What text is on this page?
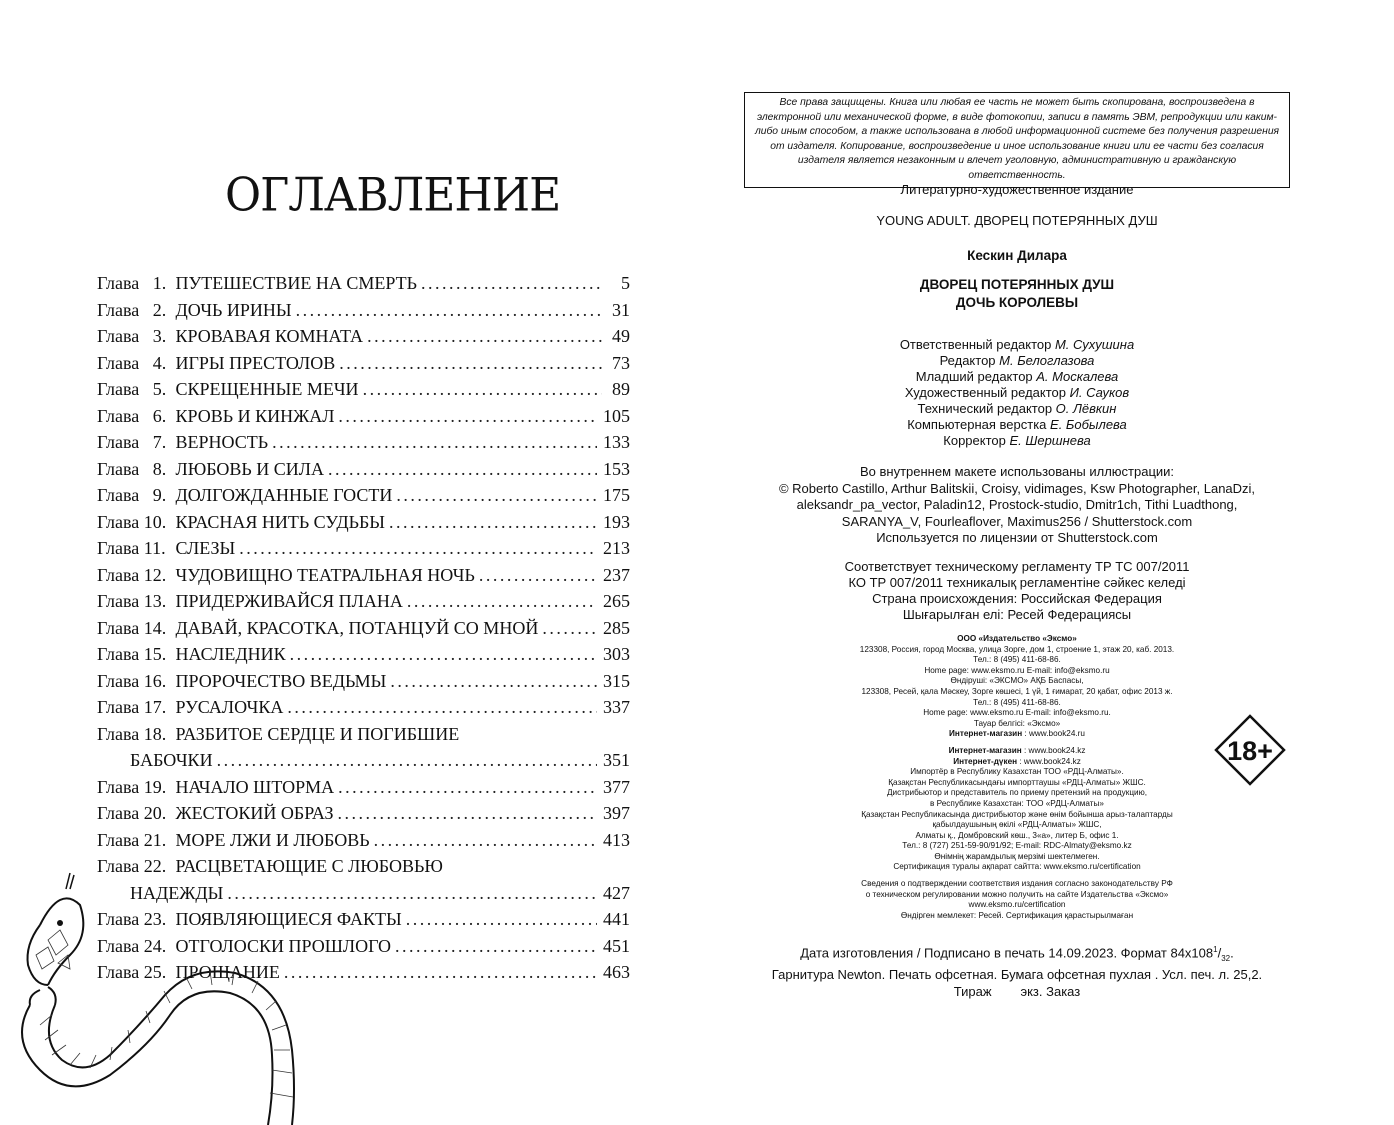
ОГЛАВЛЕНИЕ
Глава  1. ПУТЕШЕСТВИЕ НА СМЕРТЬ . . .	5
Глава  2. ДОЧЬ ИРИНЫ . . .	31
Глава  3. КРОВАВАЯ КОМНАТА . . .	49
Глава  4. ИГРЫ ПРЕСТОЛОВ . . .	73
Глава  5. СКРЕЩЕННЫЕ МЕЧИ . . .	89
Глава  6. КРОВЬ И КИНЖАЛ . . .	105
Глава  7. ВЕРНОСТЬ . . .	133
Глава  8. ЛЮБОВЬ И СИЛА . . .	153
Глава  9. ДОЛГОЖДАННЫЕ ГОСТИ . . .	175
Глава 10. КРАСНАЯ НИТЬ СУДЬБЫ . . .	193
Глава 11. СЛЕЗЫ . . .	213
Глава 12. ЧУДОВИЩНО ТЕАТРАЛЬНАЯ НОЧЬ . . .	237
Глава 13. ПРИДЕРЖИВАЙСЯ ПЛАНА . . .	265
Глава 14. ДАВАЙ, КРАСОТКА, ПОТАНЦУЙ СО МНОЙ . . .	285
Глава 15. НАСЛЕДНИК . . .	303
Глава 16. ПРОРОЧЕСТВО ВЕДЬМЫ . . .	315
Глава 17. РУСАЛОЧКА . . .	337
Глава 18. РАЗБИТОЕ СЕРДЦЕ И ПОГИБШИЕ
БАБОЧКИ . . .	351
Глава 19. НАЧАЛО ШТОРМА . . .	377
Глава 20. ЖЕСТОКИЙ ОБРАЗ . . .	397
Глава 21. МОРЕ ЛЖИ И ЛЮБОВЬ . . .	413
Глава 22. РАСЦВЕТАЮЩИЕ С ЛЮБОВЬЮ
НАДЕЖДЫ . . .	427
Глава 23. ПОЯВЛЯЮЩИЕСЯ ФАКТЫ . . .	441
Глава 24. ОТГОЛОСКИ ПРОШЛОГО . . .	451
Глава 25. ПРОЩАНИЕ . . .	463
Все права защищены. Книга или любая ее часть не может быть скопирована, воспроизведена в электронной или механической форме, в виде фотокопии, записи в память ЭВМ, репродукции или каким-либо иным способом, а также использована в любой информационной системе без получения разрешения от издателя. Копирование, воспроизведение и иное использование книги или ее части без согласия издателя является незаконным и влечет уголовную, административную и гражданскую ответственность.
Литературно-художественное издание
YOUNG ADULT. ДВОРЕЦ ПОТЕРЯННЫХ ДУШ
Кескин Дилара
ДВОРЕЦ ПОТЕРЯННЫХ ДУШ
ДОЧЬ КОРОЛЕВЫ
Ответственный редактор М. Сухушина
Редактор М. Белоглазова
Младший редактор А. Москалева
Художественный редактор И. Сауков
Технический редактор О. Лёвкин
Компьютерная верстка Е. Бобылева
Корректор Е. Шершнева
Во внутреннем макете использованы иллюстрации:
© Roberto Castillo, Arthur Balitskii, Croisy, vidimages, Ksw Photographer, LanaDzi,
aleksandr_pa_vector, Paladin12, Prostock-studio, Dmitr1ch, Tithi Luadthong,
SARANYA_V, Fourleaflover, Maximus256 / Shutterstock.com
Используется по лицензии от Shutterstock.com
Соответствует техническому регламенту ТР ТС 007/2011
КО ТР 007/2011 техникалық регламентіне сәйкес келеді
Страна происхождения: Российская Федерация
Шығарылған елі: Ресей Федерациясы
ООО «Издательство «Эксмо»
123308, Россия, город Москва, улица Зорге, дом 1, строение 1, этаж 20, каб. 2013.
Тел.: 8 (495) 411-68-86.
Home page: www.eksmo.ru E-mail: info@eksmo.ru
Өндіруші: «ЭКСМО» АҚБ Баспасы,
123308, Ресей, қала Мәскеу, Зорге көшесі, 1 үй, 1 ғимарат, 20 қабат, офис 2013 ж.
Тел.: 8 (495) 411-68-86.
Home page: www.eksmo.ru E-mail: info@eksmo.ru.
Тауар белгісі: «Эксмо»
Интернет-магазин : www.book24.ru
Интернет-магазин : www.book24.kz
Интернет-дүкен : www.book24.kz
Импортёр в Республику Казахстан ТОО «РДЦ-Алматы».
Қазақстан Республикасындағы импорттаушы «РДЦ-Алматы» ЖШС.
Дистрибьютор и представитель по приему претензий на продукцию,
в Республике Казахстан: ТОО «РДЦ-Алматы»
Қазақстан Республикасында дистрибьютор және өнім бойынша арыз-талаптарды
қабылдаушының өкілі «РДЦ-Алматы» ЖШС,
Алматы қ., Домбровский көш., 3«а», литер Б, офис 1.
Тел.: 8 (727) 251-59-90/91/92; E-mail: RDC-Almaty@eksmo.kz
Өнімнің жарамдылық мерзімі шектелмеген.
Сертификация туралы ақпарат сайтта: www.eksmo.ru/certification
Сведения о подтверждении соответствия издания согласно законодательству РФ
о техническом регулировании можно получить на сайте Издательства «Эксмо»
www.eksmo.ru/certification
Өндірген мемлекет: Ресей. Сертификация қарастырылмаған
Дата изготовления / Подписано в печать 14.09.2023. Формат $84x108^1/_{32}$.
Гарнитура Newton. Печать офсетная. Бумага офсетная пухлая . Усл. печ. л. 25,2.
Тираж        экз. Заказ
18+
